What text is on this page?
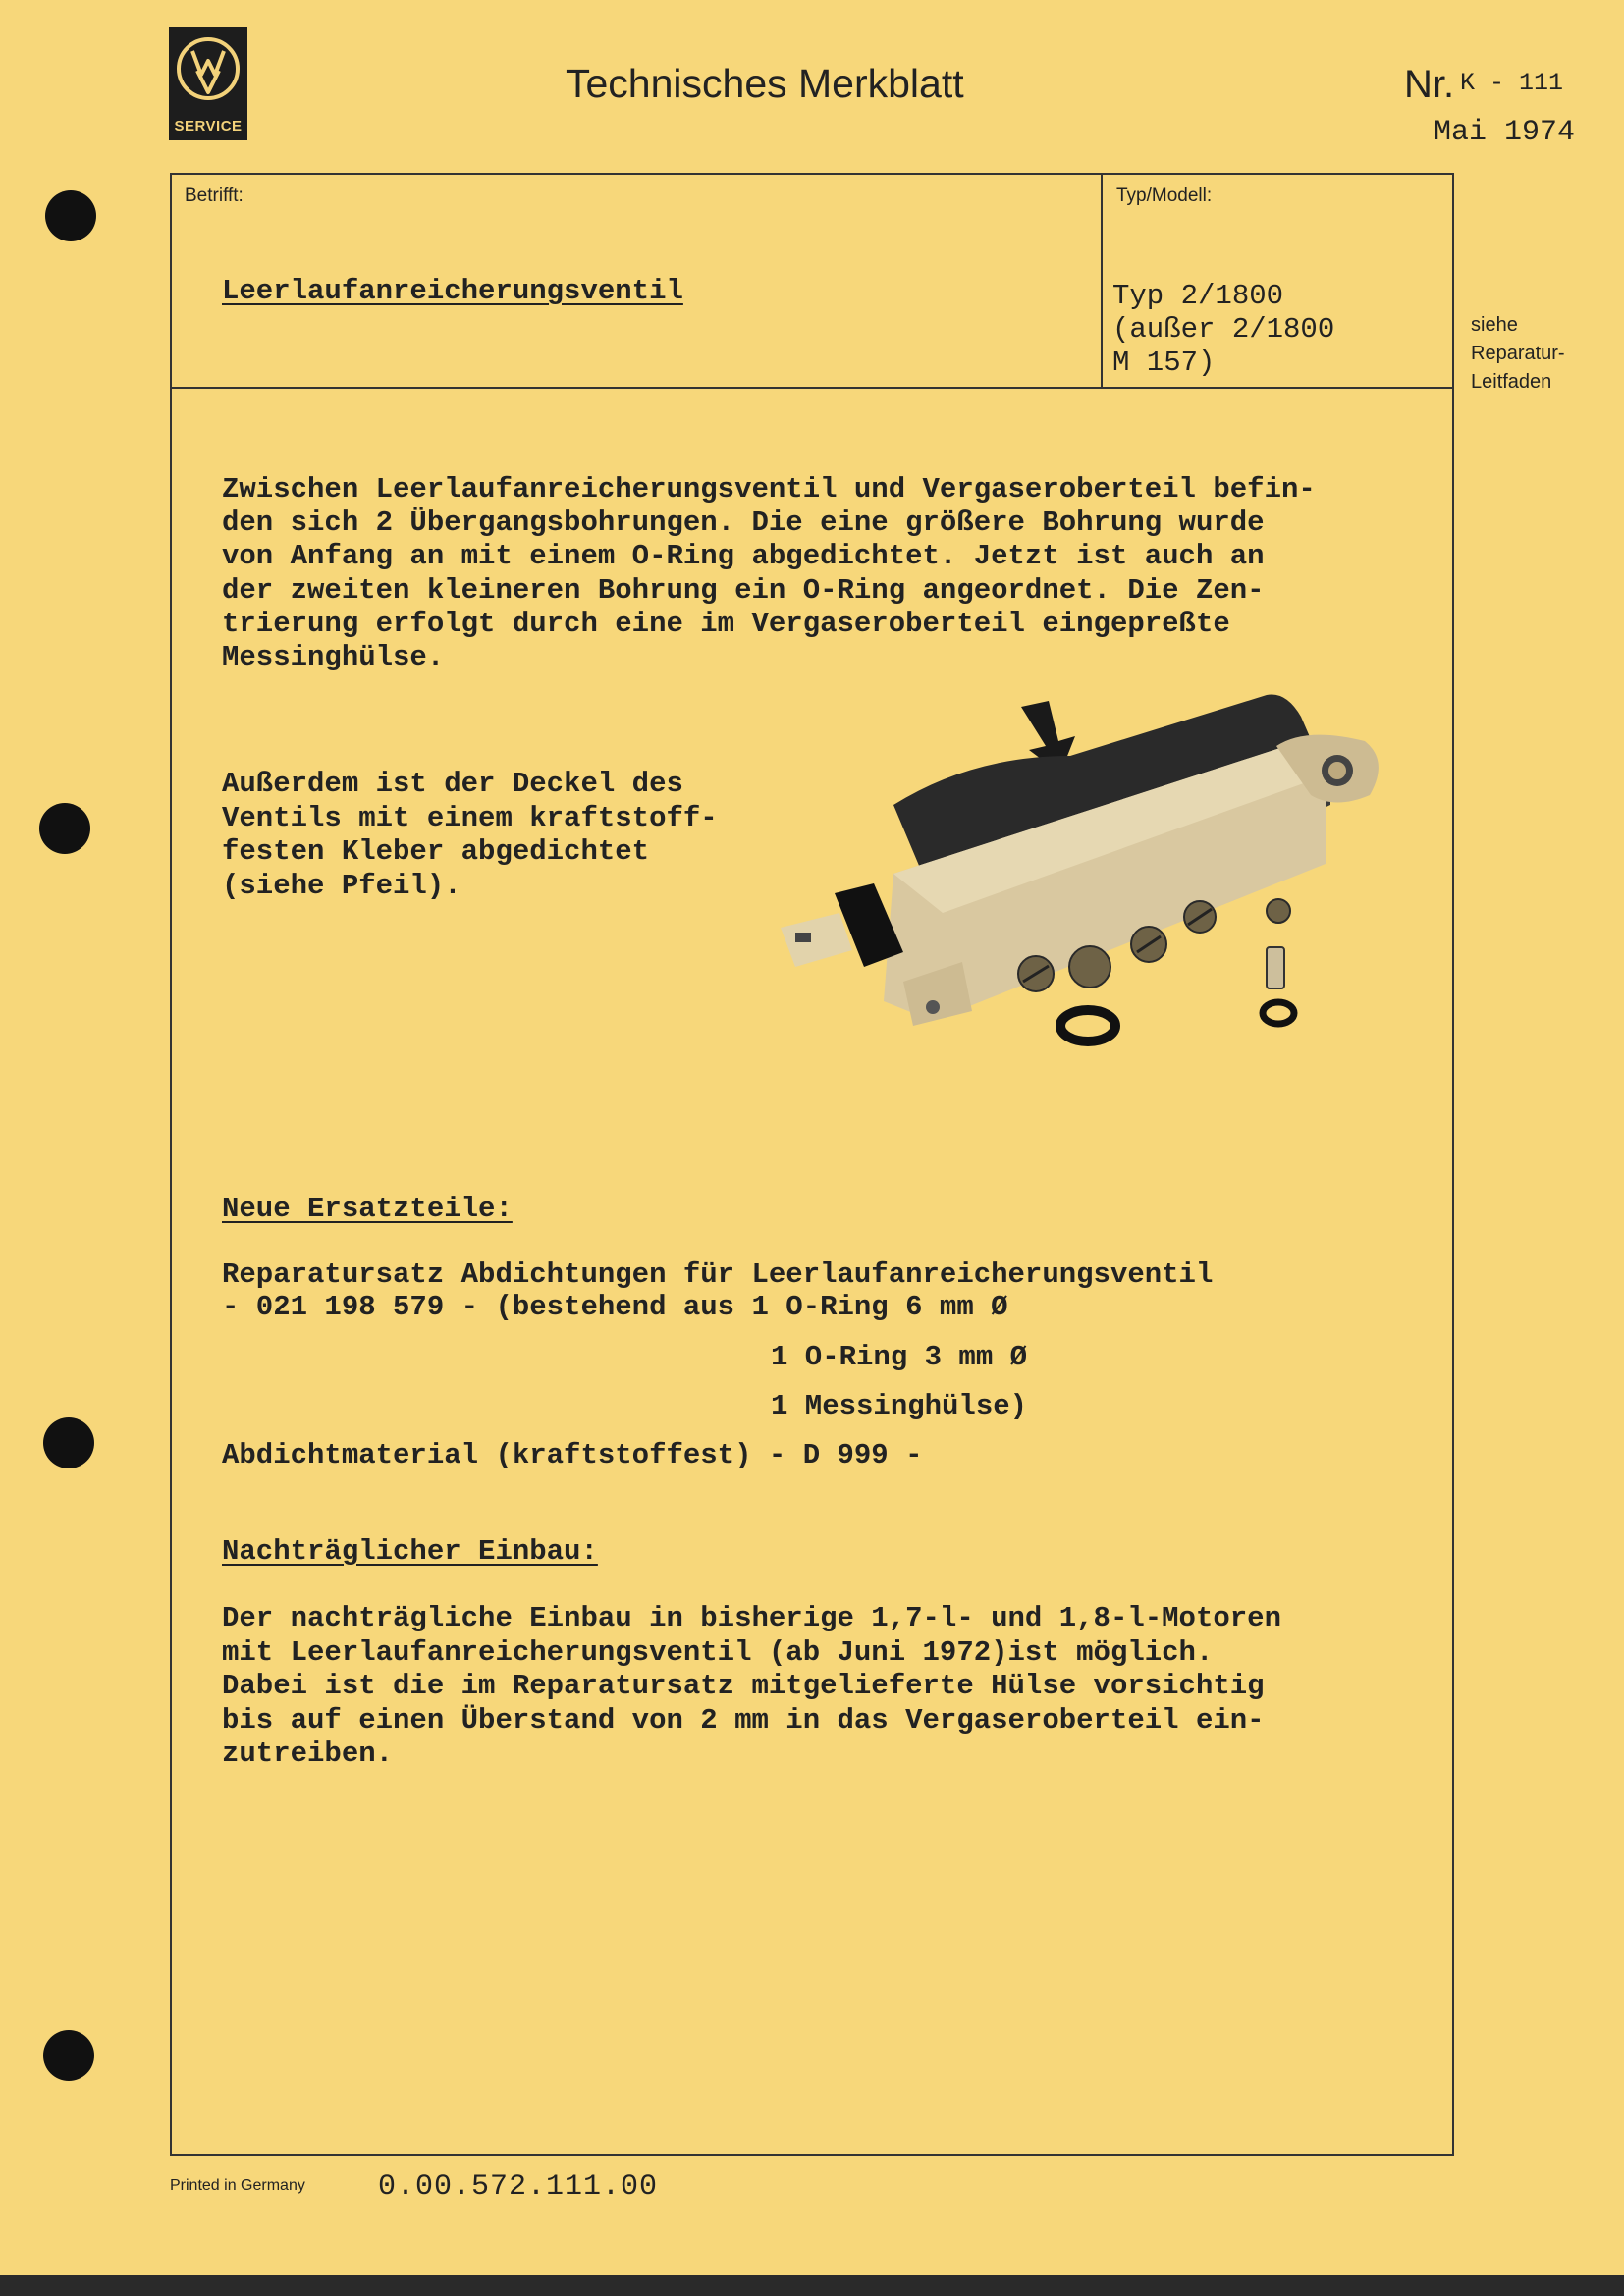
SERVICE
Technisches Merkblatt	Nr. K - 111
Mai 1974
Betrifft:
Leerlaufanreicherungsventil
Typ/Modell:
Typ 2/1800
(außer 2/1800
M 157)
siehe
Reparatur-
Leitfaden
Zwischen Leerlaufanreicherungsventil und Vergaseroberteil befin-
den sich 2 Übergangsbohrungen. Die eine größere Bohrung wurde
von Anfang an mit einem O-Ring abgedichtet. Jetzt ist auch an
der zweiten kleineren Bohrung ein O-Ring angeordnet. Die Zen-
trierung erfolgt durch eine im Vergaseroberteil eingepreßte
Messinghülse.
Außerdem ist der Deckel des
Ventils mit einem kraftstoff-
festen Kleber abgedichtet
(siehe Pfeil).
Neue Ersatzteile:
Reparatursatz Abdichtungen für Leerlaufanreicherungsventil
- 021 198 579 - (bestehend aus 1 O-Ring 6 mm Ø
1 O-Ring 3 mm Ø
1 Messinghülse)
Abdichtmaterial (kraftstoffest) - D 999 -
Nachträglicher Einbau:
Der nachträgliche Einbau in bisherige 1,7-l- und 1,8-l-Motoren
mit Leerlaufanreicherungsventil (ab Juni 1972)ist möglich.
Dabei ist die im Reparatursatz mitgelieferte Hülse vorsichtig
bis auf einen Überstand von 2 mm in das Vergaseroberteil ein-
zutreiben.
Printed in Germany 0.00.572.111.00
